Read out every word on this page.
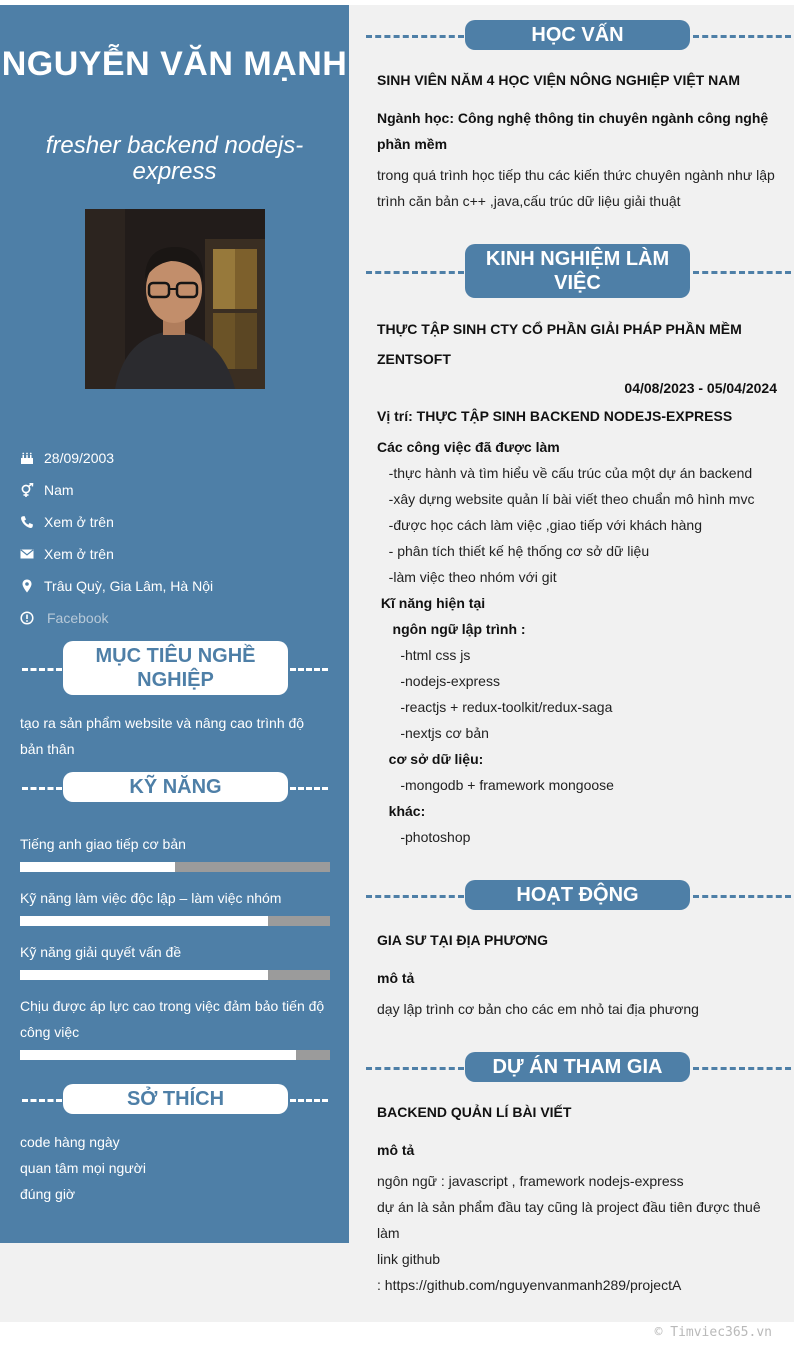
NGUYỄN VĂN MẠNH
fresher backend nodejs-express
28/09/2003
Nam
Xem ở trên
Xem ở trên
Trâu Quỳ, Gia Lâm, Hà Nội
Facebook
MỤC TIÊU NGHỀ NGHIỆP
tạo ra sản phẩm website và nâng cao trình độ bản thân
KỸ NĂNG
Tiếng anh giao tiếp cơ bản
Kỹ năng làm việc độc lập – làm việc nhóm
Kỹ năng giải quyết vấn đề
Chịu được áp lực cao trong việc đảm bảo tiến độ công việc
SỞ THÍCH
code hàng ngày
quan tâm mọi người
đúng giờ
HỌC VẤN
SINH VIÊN NĂM 4 HỌC VIỆN NÔNG NGHIỆP VIỆT NAM
Ngành học: Công nghệ thông tin chuyên ngành công nghệ phần mềm
trong quá trình học tiếp thu các kiến thức chuyên ngành như lập trình căn bản c++ ,java,cấu trúc dữ liệu giải thuật
KINH NGHIỆM LÀM VIỆC
THỰC TẬP SINH CTY CỔ PHẦN GIẢI PHÁP PHẦN MỀM ZENTSOFT
04/08/2023 - 05/04/2024
Vị trí: THỰC TẬP SINH BACKEND NODEJS-EXPRESS
Các công việc đã được làm
-thực hành và tìm hiểu về cấu trúc của một dự án backend
-xây dựng website quản lí bài viết theo chuẩn mô hình mvc
-được học cách làm việc ,giao tiếp với khách hàng
- phân tích thiết kế hệ thống cơ sở dữ liệu
-làm việc theo nhóm với git
Kĩ năng hiện tại
ngôn ngữ lập trình :
-html css js
-nodejs-express
-reactjs + redux-toolkit/redux-saga
-nextjs cơ bản
cơ sở dữ liệu:
-mongodb + framework mongoose
khác:
-photoshop
HOẠT ĐỘNG
GIA SƯ TẠI ĐỊA PHƯƠNG
mô tả
dạy lập trình cơ bản cho các em nhỏ tai địa phương
DỰ ÁN THAM GIA
BACKEND QUẢN LÍ BÀI VIẾT
mô tả
ngôn ngữ : javascript , framework nodejs-express
dự án là sản phẩm đầu tay cũng là project đầu tiên được thuê làm
link github
: https://github.com/nguyenvanmanh289/projectA
© Timviec365.vn
